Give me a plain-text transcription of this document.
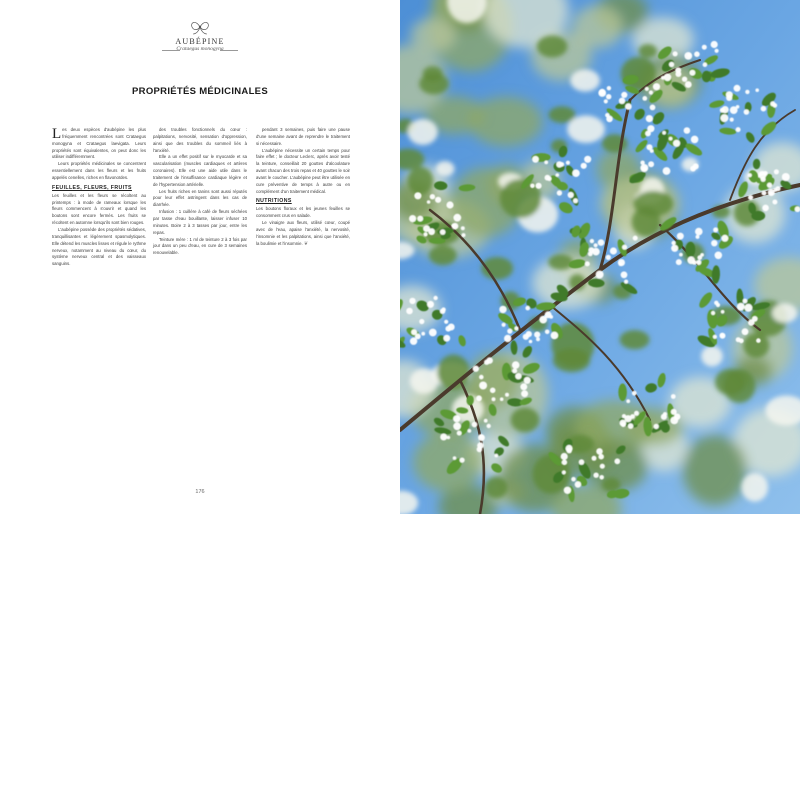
AUBÉPINE
Crataegus monogyna
PROPRIÉTÉS MÉDICINALES

Les deux espèces d'aubépine les plus fréquemment rencontrées sont Crataegus monogyna et Crataegus laevigata. Leurs propriétés sont équivalentes, on peut donc les utiliser indifféremment.

Leurs propriétés médicinales se concentrent essentiellement dans les fleurs et les fruits appelés cenelles, riches en flavonoïdes.

FEUILLES, FLEURS, FRUITS

Les feuilles et les fleurs se récoltent au printemps : à mode de rameaux lorsque les fleurs commencent à s'ouvrir et quand les boutons sont encore fermés. Les fruits se récoltent en automne lorsqu'ils sont bien rouges.

L'aubépine possède des propriétés sédatives, tranquillisantes et légèrement spasmolytiques. Elle détend les muscles lisses et régule le rythme nerveux, notamment au niveau du cœur, du système nerveux central et des vaisseaux sanguins.

des troubles fonctionnels du cœur : palpitations, nervosité, sensation d'oppression, ainsi que des troubles du sommeil liés à l'anxiété.

Elle a un effet positif sur le myocarde et sa vascularisation (muscles cardiaques et artères coronaires). Elle est une aide utile dans le traitement de l'insuffisance cardiaque légère et de l'hypertension artérielle.

Les fruits riches en tanins sont aussi réputés pour leur effet astringent dans les cas de diarrhée.

Infusion : 1 cuillère à café de fleurs séchées par tasse d'eau bouillante, laisser infuser 10 minutes. Boire 2 à 3 tasses par jour, entre les repas.

Teinture mère : 1 ml de teinture 2 à 3 fois par jour dans un peu d'eau, en cure de 3 semaines renouvelable.

pendant 3 semaines, puis faire une pause d'une semaine avant de reprendre le traitement si nécessaire.

L'aubépine nécessite un certain temps pour faire effet ; le docteur Leclerc, après avoir testé la teinture, conseillait 20 gouttes d'alcoolature avant chacun des trois repas et 40 gouttes le soir avant le coucher. L'aubépine peut être utilisée en cure préventive de temps à autre ou en complément d'un traitement médical.

NUTRITIONS

Les boutons floraux et les jeunes feuilles se consomment crus en salade.

Le vinaigre aux fleurs, utilisé cœur, coupé avec de l'eau, apaise l'anxiété, la nervosité, l'insomnie et les palpitations, ainsi que l'anxiété, la boulimie et l'insomnie. ❦

176
